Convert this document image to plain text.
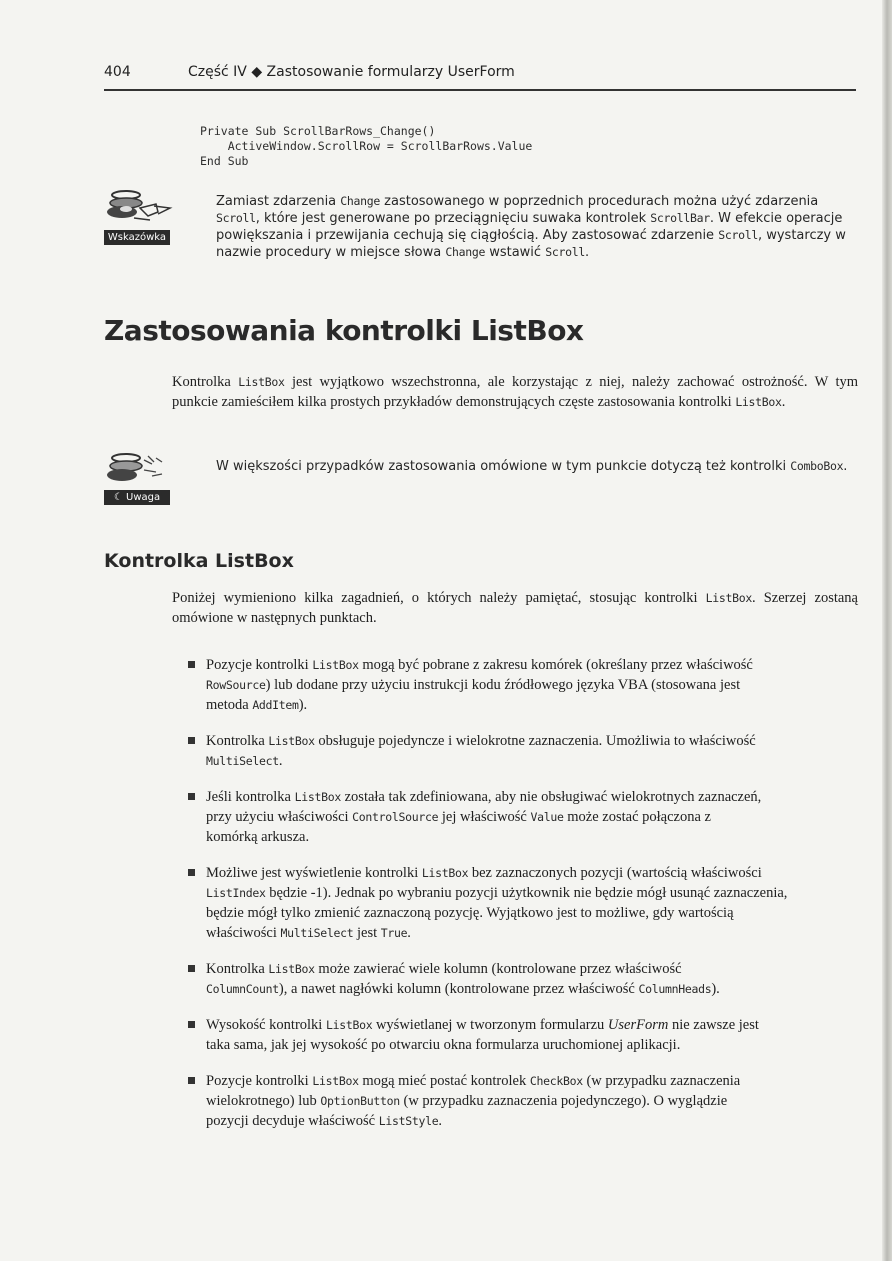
404	Część IV ◆ Zastosowanie formularzy UserForm
Private Sub ScrollBarRows_Change()
ActiveWindow.ScrollRow = ScrollBarRows.Value
End Sub
Wskazówka
Zamiast zdarzenia Change zastosowanego w poprzednich procedurach można użyć zdarzenia Scroll, które jest generowane po przeciągnięciu suwaka kontrolek ScrollBar. W efekcie operacje powiększania i przewijania cechują się ciągłością. Aby zastosować zdarzenie Scroll, wystarczy w nazwie procedury w miejsce słowa Change wstawić Scroll.
Zastosowania kontrolki ListBox

Kontrolka ListBox jest wyjątkowo wszechstronna, ale korzystając z niej, należy zachować ostrożność. W tym punkcie zamieściłem kilka prostych przykładów demonstrujących częste zastosowania kontrolki ListBox.

☾ Uwaga
W większości przypadków zastosowania omówione w tym punkcie dotyczą też kontrolki ComboBox.
Kontrolka ListBox

Poniżej wymieniono kilka zagadnień, o których należy pamiętać, stosując kontrolki ListBox. Szerzej zostaną omówione w następnych punktach.

Pozycje kontrolki ListBox mogą być pobrane z zakresu komórek (określany przez właściwość RowSource) lub dodane przy użyciu instrukcji kodu źródłowego języka VBA (stosowana jest metoda AddItem).
Kontrolka ListBox obsługuje pojedyncze i wielokrotne zaznaczenia. Umożliwia to właściwość MultiSelect.
Jeśli kontrolka ListBox została tak zdefiniowana, aby nie obsługiwać wielokrotnych zaznaczeń, przy użyciu właściwości ControlSource jej właściwość Value może zostać połączona z komórką arkusza.
Możliwe jest wyświetlenie kontrolki ListBox bez zaznaczonych pozycji (wartością właściwości ListIndex będzie -1). Jednak po wybraniu pozycji użytkownik nie będzie mógł usunąć zaznaczenia, będzie mógł tylko zmienić zaznaczoną pozycję. Wyjątkowo jest to możliwe, gdy wartością właściwości MultiSelect jest True.
Kontrolka ListBox może zawierać wiele kolumn (kontrolowane przez właściwość ColumnCount), a nawet nagłówki kolumn (kontrolowane przez właściwość ColumnHeads).
Wysokość kontrolki ListBox wyświetlanej w tworzonym formularzu UserForm nie zawsze jest taka sama, jak jej wysokość po otwarciu okna formularza uruchomionej aplikacji.
Pozycje kontrolki ListBox mogą mieć postać kontrolek CheckBox (w przypadku zaznaczenia wielokrotnego) lub OptionButton (w przypadku zaznaczenia pojedynczego). O wyglądzie pozycji decyduje właściwość ListStyle.
